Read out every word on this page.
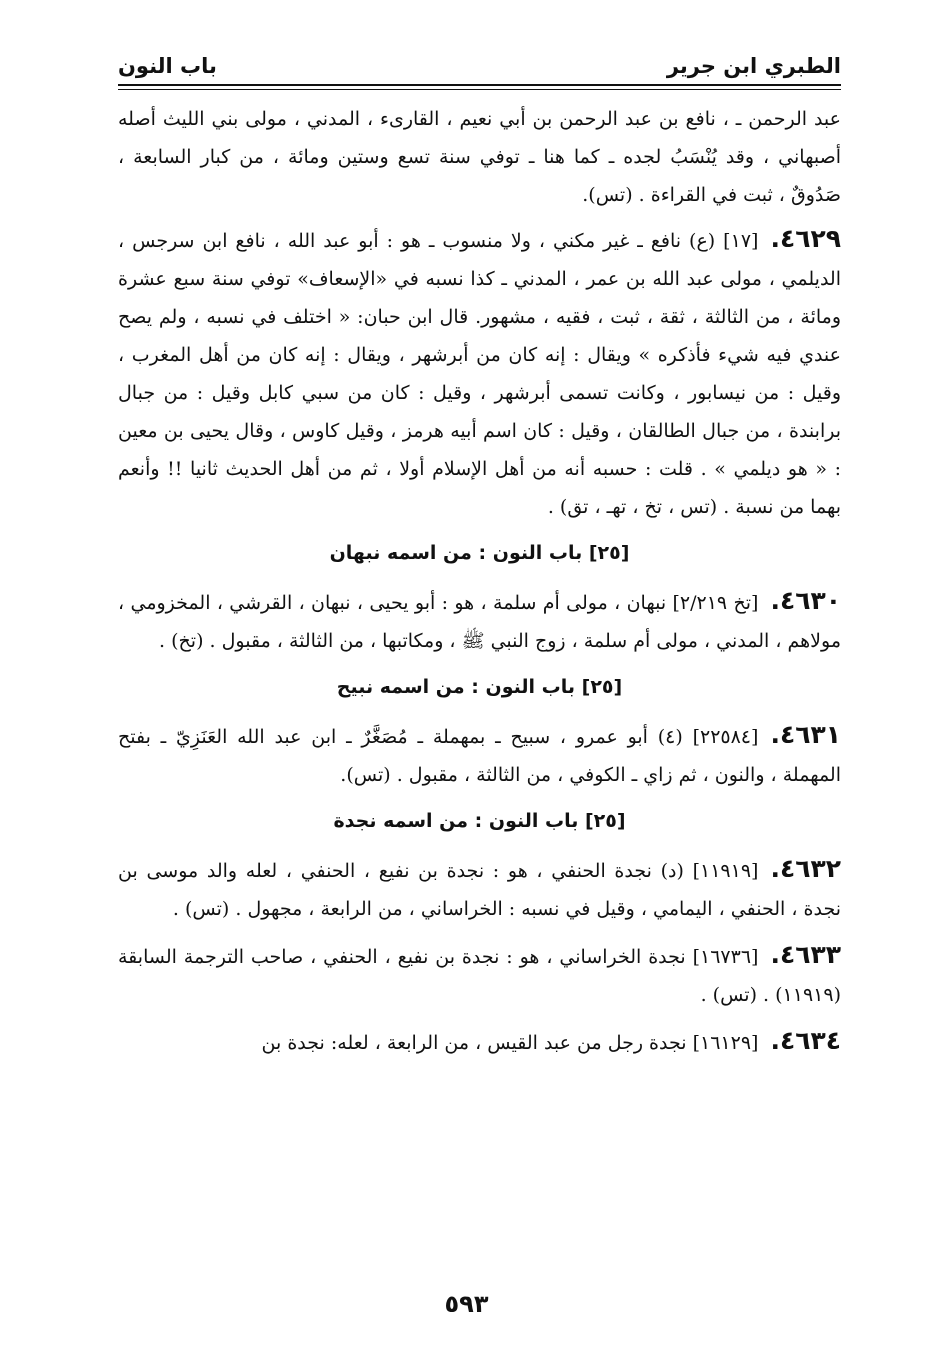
باب النون	الطبري ابن جرير

عبد الرحمن ـ ، نافع بن عبد الرحمن بن أبي نعيم ، القارىء ، المدني ، مولى بني الليث أصله أصبهاني ، وقد يُنْسَبُ لجده ـ كما هنا ـ توفي سنة تسع وستين ومائة ، من كبار السابعة ، صَدُوقٌ ، ثبت في القراءة . (تس).

٤٦٢٩.[١٧] (ع) نافع ـ غير مكني ، ولا منسوب ـ هو : أبو عبد الله ، نافع ابن سرجس ، الديلمي ، مولى عبد الله بن عمر ، المدني ـ كذا نسبه في «الإسعاف» توفي سنة سبع عشرة ومائة ، من الثالثة ، ثقة ، ثبت ، فقيه ، مشهور. قال ابن حبان: « اختلف في نسبه ، ولم يصح عندي فيه شيء فأذكره » ويقال : إنه كان من أبرشهر ، ويقال : إنه كان من أهل المغرب ، وقيل : من نيسابور ، وكانت تسمى أبرشهر ، وقيل : كان من سبي كابل وقيل : من جبال برابندة ، من جبال الطالقان ، وقيل : كان اسم أبيه هرمز ، وقيل كاوس ، وقال يحيى بن معين : « هو ديلمي » . قلت : حسبه أنه من أهل الإسلام أولا ، ثم من أهل الحديث ثانيا !! وأنعم بهما من نسبة . (تس ، تخ ، تهـ ، تق) .

[٢٥] باب النون : من اسمه نبهان

٤٦٣٠.[تخ ٢/٢١٩] نبهان ، مولى أم سلمة ، هو : أبو يحيى ، نبهان ، القرشي ، المخزومي ، مولاهم ، المدني ، مولى أم سلمة ، زوج النبي ﷺ ، ومكاتبها ، من الثالثة ، مقبول . (تخ) .

[٢٥] باب النون : من اسمه نبيح

٤٦٣١.[٢٢٥٨٤] (٤) أبو عمرو ، سبيح ـ بمهملة ـ مُصَغَّرٌ ـ ابن عبد الله العَنَزِيّ ـ بفتح المهملة ، والنون ، ثم زاي ـ الكوفي ، من الثالثة ، مقبول . (تس).

[٢٥] باب النون : من اسمه نجدة

٤٦٣٢.[١١٩١٩] (د) نجدة الحنفي ، هو : نجدة بن نفيع ، الحنفي ، لعله والد موسى بن نجدة ، الحنفي ، اليمامي ، وقيل في نسبه : الخراساني ، من الرابعة ، مجهول . (تس) .

٤٦٣٣.[١٦٧٣٦] نجدة الخراساني ، هو : نجدة بن نفيع ، الحنفي ، صاحب الترجمة السابقة (١١٩١٩) . (تس) .

٤٦٣٤.[١٦١٢٩] نجدة رجل من عبد القيس ، من الرابعة ، لعله: نجدة بن

٥٩٣
